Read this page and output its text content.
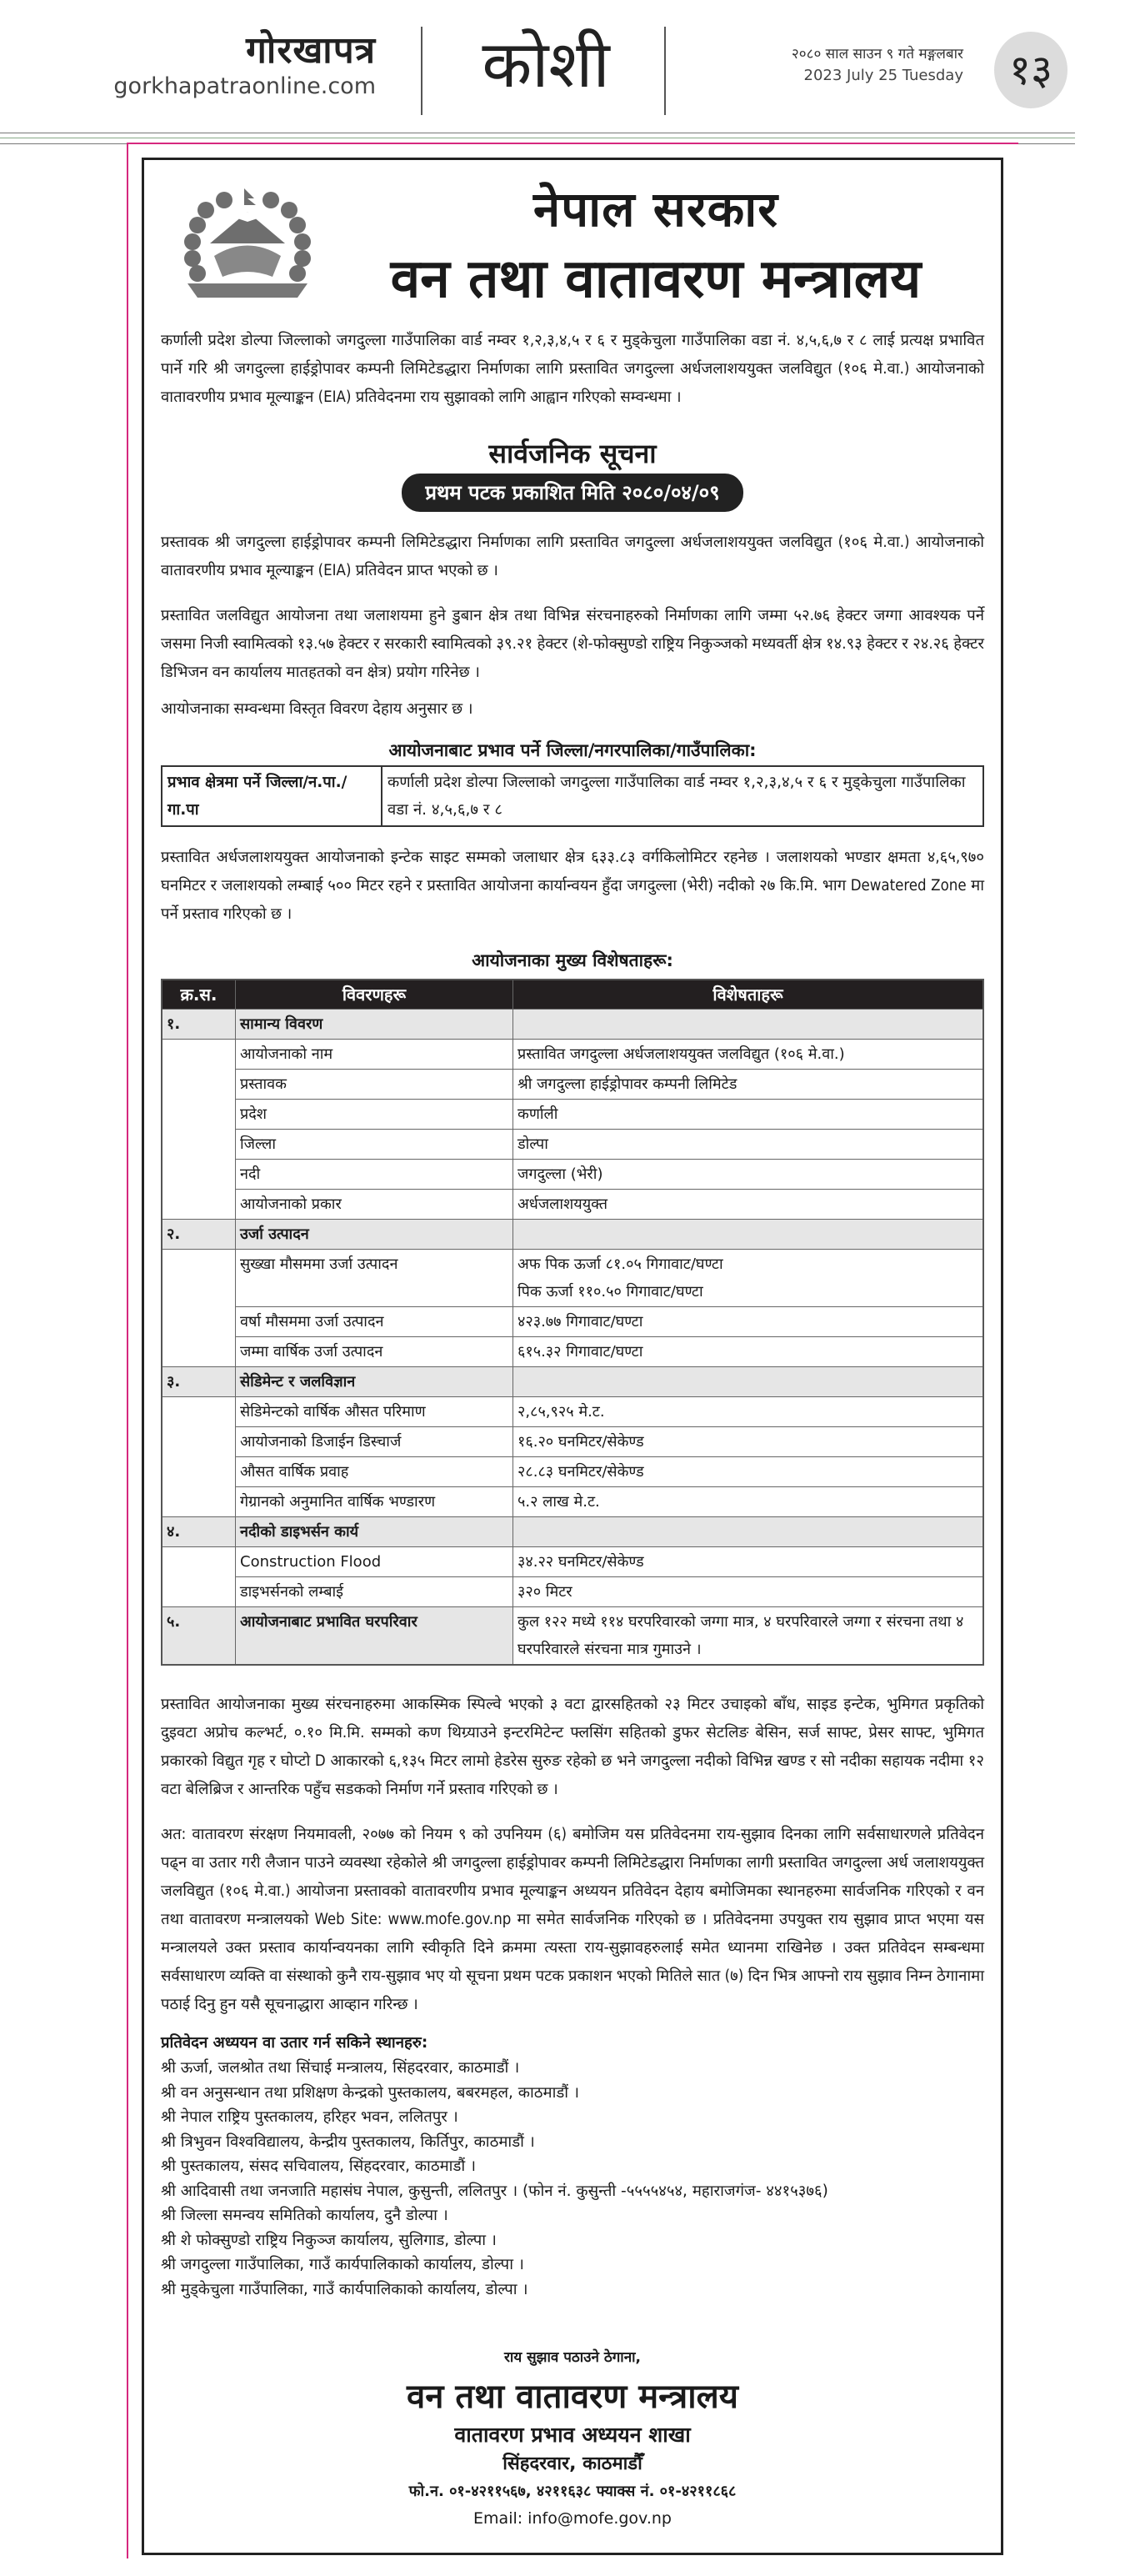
गोरखापत्र
gorkhapatraonline.com	कोशी	२०८० साल साउन ९ गते मङ्गलबार
2023 July 25 Tuesday	१३
नेपाल सरकार
वन तथा वातावरण मन्त्रालय

कर्णाली प्रदेश डोल्पा जिल्लाको जगदुल्ला गाउँपालिका वार्ड नम्वर १,२,३,४,५ र ६ र मुड्केचुला गाउँपालिका वडा नं. ४,५,६,७ र ८ लाई प्रत्यक्ष प्रभावित पार्ने गरि श्री जगदुल्ला हाईड्रोपावर कम्पनी लिमिटेडद्धारा निर्माणका लागि प्रस्तावित जगदुल्ला अर्धजलाशययुक्त जलविद्युत (१०६ मे.वा.) आयोजनाको वातावरणीय प्रभाव मूल्याङ्कन (EIA) प्रतिवेदनमा राय सुझावको लागि आह्वान गरिएको सम्वन्धमा ।

सार्वजनिक सूचना
प्रथम पटक प्रकाशित मिति २०८०/०४/०९

प्रस्तावक श्री जगदुल्ला हाईड्रोपावर कम्पनी लिमिटेडद्धारा निर्माणका लागि प्रस्तावित जगदुल्ला अर्धजलाशययुक्त जलविद्युत (१०६ मे.वा.) आयोजनाको वातावरणीय प्रभाव मूल्याङ्कन (EIA) प्रतिवेदन प्राप्त भएको छ ।

प्रस्तावित जलविद्युत आयोजना तथा जलाशयमा हुने डुबान क्षेत्र तथा विभिन्न संरचनाहरुको निर्माणका लागि जम्मा ५२.७६ हेक्टर जग्गा आवश्यक पर्ने जसमा निजी स्वामित्वको १३.५७ हेक्टर र सरकारी स्वामित्वको ३९.२१ हेक्टर (शे-फोक्सुण्डो राष्ट्रिय निकुञ्जको मध्यवर्ती क्षेत्र १४.९३ हेक्टर र २४.२६ हेक्टर डिभिजन वन कार्यालय मातहतको वन क्षेत्र) प्रयोग गरिनेछ ।

आयोजनाका सम्वन्धमा विस्तृत विवरण देहाय अनुसार छ ।

आयोजनाबाट प्रभाव पर्ने जिल्ला/नगरपालिका/गाउँपालिका:
प्रभाव क्षेत्रमा पर्ने जिल्ला/न.पा./गा.पा	कर्णाली प्रदेश डोल्पा जिल्लाको जगदुल्ला गाउँपालिका वार्ड नम्वर १,२,३,४,५ र ६ र मुड्केचुला गाउँपालिका वडा नं. ४,५,६,७ र ८

प्रस्तावित अर्धजलाशययुक्त आयोजनाको इन्टेक साइट सम्मको जलाधार क्षेत्र ६३३.८३ वर्गकिलोमिटर रहनेछ । जलाशयको भण्डार क्षमता ४,६५,९७० घनमिटर र जलाशयको लम्बाई ५०० मिटर रहने र प्रस्तावित आयोजना कार्यान्वयन हुँदा जगदुल्ला (भेरी) नदीको २७ कि.मि. भाग Dewatered Zone मा पर्ने प्रस्ताव गरिएको छ ।

आयोजनाका मुख्य विशेषताहरू:
क्र.स.	विवरणहरू	विशेषताहरू
१.	सामान्य विवरण	
	आयोजनाको नाम	प्रस्तावित जगदुल्ला अर्धजलाशययुक्त जलविद्युत (१०६ मे.वा.)

	प्रस्तावक	श्री जगदुल्ला हाईड्रोपावर कम्पनी लिमिटेड

	प्रदेश	कर्णाली

	जिल्ला	डोल्पा

	नदी	जगदुल्ला (भेरी)

	आयोजनाको प्रकार	अर्धजलाशययुक्त

२.	उर्जा उत्पादन	
	सुख्खा मौसममा उर्जा उत्पादन	अफ पिक ऊर्जा ८१.०५ गिगावाट/घण्टा
पिक ऊर्जा ११०.५० गिगावाट/घण्टा

	वर्षा मौसममा उर्जा उत्पादन	४२३.७७ गिगावाट/घण्टा

	जम्मा वार्षिक उर्जा उत्पादन	६१५.३२ गिगावाट/घण्टा

३.	सेडिमेन्ट र जलविज्ञान	
	सेडिमेन्टको वार्षिक औसत परिमाण	२,८५,९२५ मे.ट.

	आयोजनाको डिजाईन डिस्चार्ज	१६.२० घनमिटर/सेकेण्ड

	औसत वार्षिक प्रवाह	२८.८३ घनमिटर/सेकेण्ड

	गेग्रानको अनुमानित वार्षिक भण्डारण	५.२ लाख मे.ट.

४.	नदीको डाइभर्सन कार्य	
	Construction Flood	३४.२२ घनमिटर/सेकेण्ड

	डाइभर्सनको लम्बाई	३२० मिटर

५.	आयोजनाबाट प्रभावित घरपरिवार	कुल १२२ मध्ये ११४ घरपरिवारको जग्गा मात्र, ४ घरपरिवारले जग्गा र संरचना तथा ४ घरपरिवारले संरचना मात्र गुमाउने ।

प्रस्तावित आयोजनाका मुख्य संरचनाहरुमा आकस्मिक स्पिल्वे भएको ३ वटा द्वारसहितको २३ मिटर उचाइको बाँध, साइड इन्टेक, भुमिगत प्रकृतिको दुइवटा अप्रोच कल्भर्ट, ०.१० मि.मि. सम्मको कण थिग्र्याउने इन्टरमिटेन्ट फ्लसिंग सहितको डुफर सेटलिङ बेसिन, सर्ज साफ्ट, प्रेसर साफ्ट, भुमिगत प्रकारको विद्युत गृह र घोप्टो D आकारको ६,१३५ मिटर लामो हेडरेस सुरुङ रहेको छ भने जगदुल्ला नदीको विभिन्न खण्ड र सो नदीका सहायक नदीमा १२ वटा बेलिब्रिज र आन्तरिक पहुँच सडकको निर्माण गर्ने प्रस्ताव गरिएको छ ।

अत: वातावरण संरक्षण नियमावली, २०७७ को नियम ९ को उपनियम (६) बमोजिम यस प्रतिवेदनमा राय-सुझाव दिनका लागि सर्वसाधारणले प्रतिवेदन पढ्न वा उतार गरी लैजान पाउने व्यवस्था रहेकोले श्री जगदुल्ला हाईड्रोपावर कम्पनी लिमिटेडद्धारा निर्माणका लागी प्रस्तावित जगदुल्ला अर्ध जलाशययुक्त जलविद्युत (१०६ मे.वा.) आयोजना प्रस्तावको वातावरणीय प्रभाव मूल्याङ्कन अध्ययन प्रतिवेदन देहाय बमोजिमका स्थानहरुमा सार्वजनिक गरिएको र वन तथा वातावरण मन्त्रालयको Web Site: www.mofe.gov.np मा समेत सार्वजनिक गरिएको छ । प्रतिवेदनमा उपयुक्त राय सुझाव प्राप्त भएमा यस मन्त्रालयले उक्त प्रस्ताव कार्यान्वयनका लागि स्वीकृति दिने क्रममा त्यस्ता राय-सुझावहरुलाई समेत ध्यानमा राखिनेछ । उक्त प्रतिवेदन सम्बन्धमा सर्वसाधारण व्यक्ति वा संस्थाको कुनै राय-सुझाव भए यो सूचना प्रथम पटक प्रकाशन भएको मितिले सात (७) दिन भित्र आफ्नो राय सुझाव निम्न ठेगानामा पठाई दिनु हुन यसै सूचनाद्धारा आव्हान गरिन्छ ।

प्रतिवेदन अध्ययन वा उतार गर्न सकिने स्थानहरु:
श्री ऊर्जा, जलश्रोत तथा सिंचाई मन्त्रालय, सिंहदरवार, काठमाडौं ।
श्री वन अनुसन्धान तथा प्रशिक्षण केन्द्रको पुस्तकालय, बबरमहल, काठमाडौं ।
श्री नेपाल राष्ट्रिय पुस्तकालय, हरिहर भवन, ललितपुर ।
श्री त्रिभुवन विश्वविद्यालय, केन्द्रीय पुस्तकालय, किर्तिपुर, काठमाडौं ।
श्री पुस्तकालय, संसद सचिवालय, सिंहदरवार, काठमाडौं ।
श्री आदिवासी तथा जनजाति महासंघ नेपाल, कुसुन्ती, ललितपुर । (फोन नं. कुसुन्ती -५५५५४५४, महाराजगंज- ४४१५३७६)
श्री जिल्ला समन्वय समितिको कार्यालय, दुनै डोल्पा ।
श्री शे फोक्सुण्डो राष्ट्रिय निकुञ्ज कार्यालय, सुलिगाड, डोल्पा ।
श्री जगदुल्ला गाउँपालिका, गाउँ कार्यपालिकाको कार्यालय, डोल्पा ।
श्री मुड्केचुला गाउँपालिका, गाउँ कार्यपालिकाको कार्यालय, डोल्पा ।
राय सुझाव पठाउने ठेगाना,
वन तथा वातावरण मन्त्रालय
वातावरण प्रभाव अध्ययन शाखा
सिंहदरवार, काठमाडौँ
फो.न. ०१-४२११५६७, ४२११६३८ फ्याक्स नं. ०१-४२११८६८
Email: info@mofe.gov.np
